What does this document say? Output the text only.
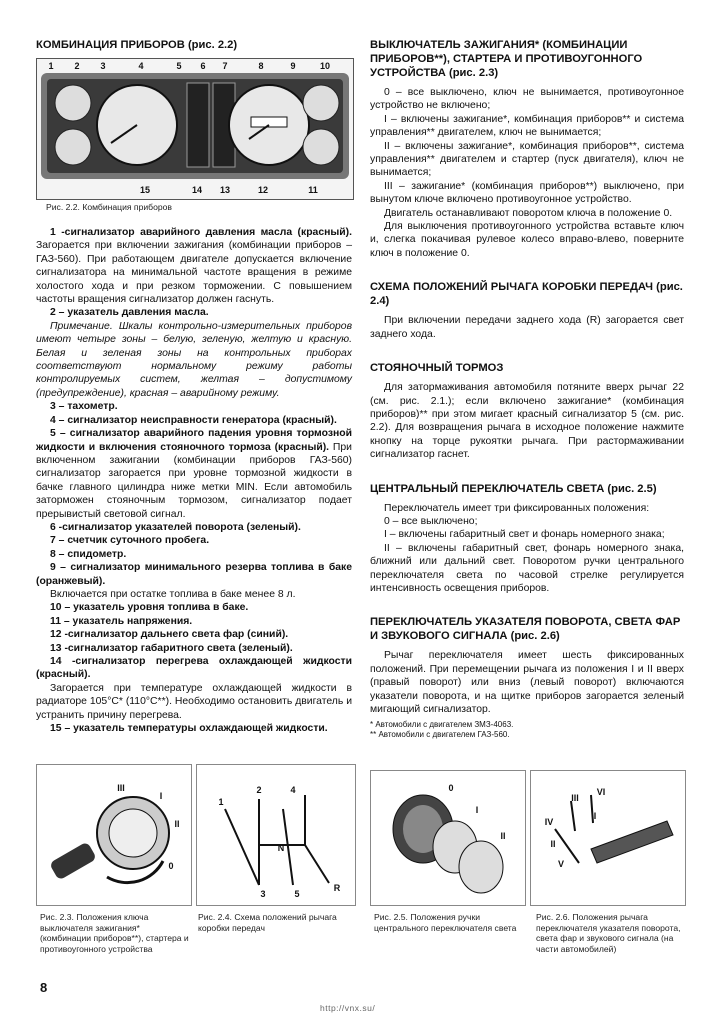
КОМБИНАЦИЯ ПРИБОРОВ (рис. 2.2)
1 2 3	4	5 6 7	8	9	10
15	14 13	12	11
Рис. 2.2. Комбинация приборов

1 -сигнализатор аварийного давления масла (красный). Загорается при включении зажигания (комбинации приборов – ГАЗ-560). При работающем двигателе допускается включение сигнализатора на минимальной частоте вращения в режиме холостого хода и при резком торможении. С повышением частоты вращения сигнализатор должен гаснуть.

2 – указатель давления масла.

Примечание. Шкалы контрольно-измерительных приборов имеют четыре зоны – белую, зеленую, желтую и красную. Белая и зеленая зоны на контрольных приборах соответствуют нормальному режиму работы контролируемых систем, желтая – допустимому (предупреждение), красная – аварийному режиму.

3 – тахометр.

4 – сигнализатор неисправности генератора (красный).

5 – сигнализатор аварийного падения уровня тормозной жидкости и включения стояночного тормоза (красный). При включенном зажигании (комбинации приборов ГАЗ-560) сигнализатор загорается при уровне тормозной жидкости в бачке главного цилиндра ниже метки MIN. Если автомобиль заторможен стояночным тормозом, сигнализатор подает прерывистый световой сигнал.

6 -сигнализатор указателей поворота (зеленый).

7 – счетчик суточного пробега.

8 – спидометр.

9 – сигнализатор минимального резерва топлива в баке (оранжевый).

Включается при остатке топлива в баке менее 8 л.

10 – указатель уровня топлива в баке.

11 – указатель напряжения.

12 -сигнализатор дальнего света фар (синий).

13 -сигнализатор габаритного света (зеленый).

14 -сигнализатор перегрева охлаждающей жидкости (красный).

Загорается при температуре охлаждающей жидкости в радиаторе 105°С* (110°С**). Необходимо остановить двигатель и устранить причину перегрева.

15 – указатель температуры охлаждающей жидкости.

ВЫКЛЮЧАТЕЛЬ ЗАЖИГАНИЯ* (КОМБИНАЦИИ ПРИБОРОВ**), СТАРТЕРА И ПРОТИВОУГОННОГО УСТРОЙСТВА (рис. 2.3)

0 – все выключено, ключ не вынимается, противоугонное устройство не включено;

I – включены зажигание*, комбинация приборов** и система управления** двигателем, ключ не вынимается;

II – включены зажигание*, комбинация приборов**, система управления** двигателем и стартер (пуск двигателя), ключ не вынимается;

III – зажигание* (комбинация приборов**) выключено, при вынутом ключе включено противоугонное устройство.

Двигатель останавливают поворотом ключа в положение 0.

Для выключения противоугонного устройства вставьте ключ и, слегка покачивая рулевое колесо вправо-влево, поверните ключ в положение 0.

СХЕМА ПОЛОЖЕНИЙ РЫЧАГА КОРОБКИ ПЕРЕДАЧ (рис. 2.4)

При включении передачи заднего хода (R) загорается свет заднего хода.

СТОЯНОЧНЫЙ ТОРМОЗ

Для затормаживания автомобиля потяните вверх рычаг 22 (см. рис. 2.1.); если включено зажигание* (комбинация приборов)** при этом мигает красный сигнализатор 5 (см. рис. 2.2). Для возвращения рычага в исходное положение нажмите кнопку на торце рукоятки рычага. При растормаживании сигнализатор гаснет.

ЦЕНТРАЛЬНЫЙ ПЕРЕКЛЮЧАТЕЛЬ СВЕТА (рис. 2.5)

Переключатель имеет три фиксированных положения:

0 – все выключено;

I – включены габаритный свет и фонарь номерного знака;

II – включены габаритный свет, фонарь номерного знака, ближний или дальний свет. Поворотом ручки центрального переключателя света по часовой стрелке регулируется интенсивность освещения приборов.

ПЕРЕКЛЮЧАТЕЛЬ УКАЗАТЕЛЯ ПОВОРОТА, СВЕТА ФАР И ЗВУКОВОГО СИГНАЛА (рис. 2.6)

Рычаг переключателя имеет шесть фиксированных положений. При перемещении рычага из положения I и II вверх (правый поворот) или вниз (левый поворот) включаются указатели поворота, и на щитке приборов загорается зеленый мигающий сигнализатор.

* Автомобили с двигателем ЗМЗ-4063.
** Автомобили с двигателем ГАЗ-560.
III
I
II
0
1
2
3
4
5
R
N
Рис. 2.3. Положения ключа выключателя зажигания* (комбинации приборов**), стартера и противоугонного устройства
Рис. 2.4. Схема положений рычага коробки передач
0
I
II
IV
V
VI
II
III
I
Рис. 2.5. Положения ручки центрального переключателя света
Рис. 2.6. Положения рычага переключателя указателя поворота, света фар и звукового сигнала (на части автомобилей)
8
http://vnx.su/
